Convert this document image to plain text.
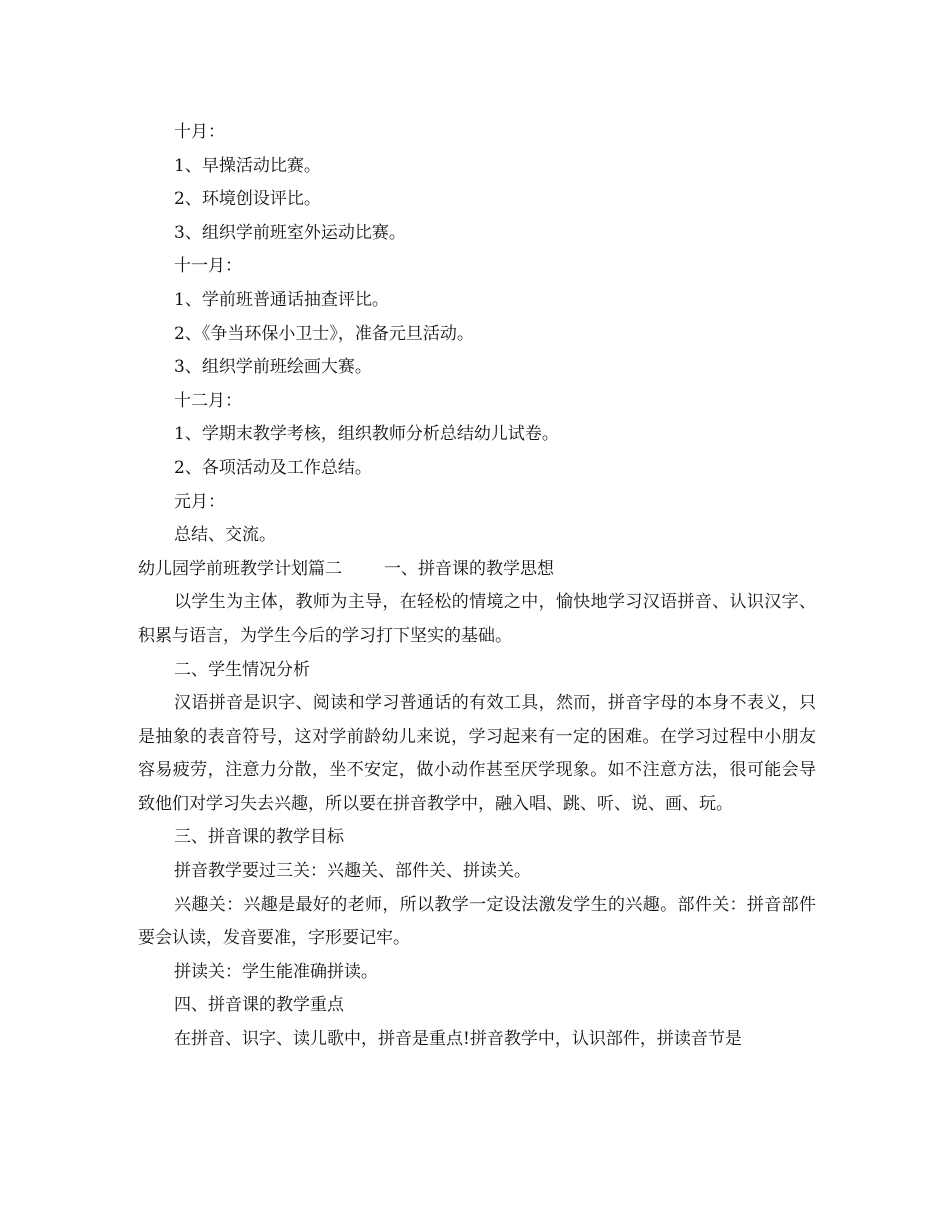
十月：

1、早操活动比赛。

2、环境创设评比。

3、组织学前班室外运动比赛。

十一月：

1、学前班普通话抽查评比。

2、《争当环保小卫士》，准备元旦活动。

3、组织学前班绘画大赛。

十二月：

1、学期末教学考核，组织教师分析总结幼儿试卷。

2、各项活动及工作总结。

元月：

总结、交流。

幼儿园学前班教学计划篇二 一、拼音课的教学思想

以学生为主体，教师为主导，在轻松的情境之中，愉快地学习汉语拼音、认识汉字、积累与语言，为学生今后的学习打下坚实的基础。

二、学生情况分析

汉语拼音是识字、阅读和学习普通话的有效工具，然而，拼音字母的本身不表义，只是抽象的表音符号，这对学前龄幼儿来说，学习起来有一定的困难。在学习过程中小朋友容易疲劳，注意力分散，坐不安定，做小动作甚至厌学现象。如不注意方法，很可能会导致他们对学习失去兴趣，所以要在拼音教学中，融入唱、跳、听、说、画、玩。

三、拼音课的教学目标

拼音教学要过三关：兴趣关、部件关、拼读关。

兴趣关：兴趣是最好的老师，所以教学一定设法激发学生的兴趣。部件关：拼音部件要会认读，发音要准，字形要记牢。

拼读关：学生能准确拼读。

四、拼音课的教学重点

在拼音、识字、读儿歌中，拼音是重点!拼音教学中，认识部件，拼读音节是
